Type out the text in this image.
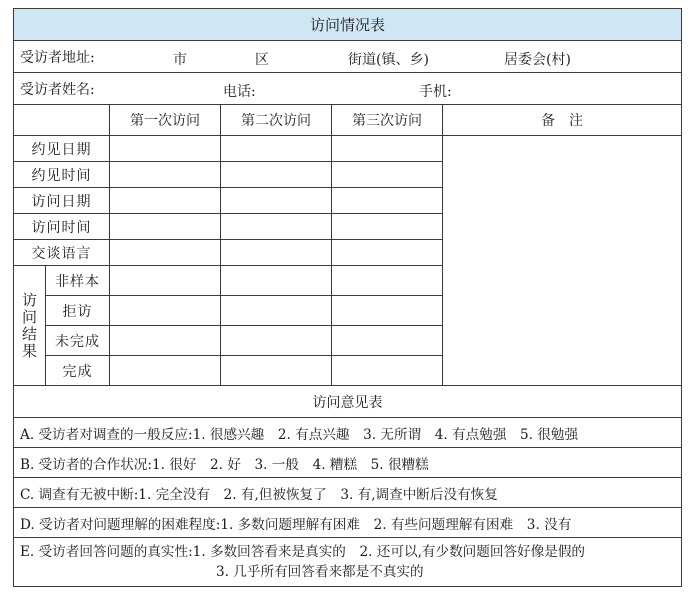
访问情况表					
受访者地址: 市 区 街道(镇、乡) 居委会(村)					

受访者姓名: 电话: 手机:					

		第一次访问	第二次访问	第三次访问	备　注
约见日期					
约见时间					
访问日期					
访问时间					
交谈语言					

访
问
结
果	非样本				
	拒访				
	未完成				
	完成				
访问意见表					
A. 受访者对调查的一般反应:1. 很感兴趣　2. 有点兴趣　3. 无所谓　4. 有点勉强　5. 很勉强					
B. 受访者的合作状况:1. 很好　2. 好　3. 一般　4. 糟糕　5. 很糟糕					
C. 调查有无被中断:1. 完全没有　2. 有,但被恢复了　3. 有,调查中断后没有恢复					
D. 受访者对问题理解的困难程度:1. 多数问题理解有困难　2. 有些问题理解有困难　3. 没有					
E. 受访者回答问题的真实性:1. 多数回答看来是真实的　2. 还可以,有少数问题回答好像是假的
3. 几乎所有回答看来都是不真实的					
